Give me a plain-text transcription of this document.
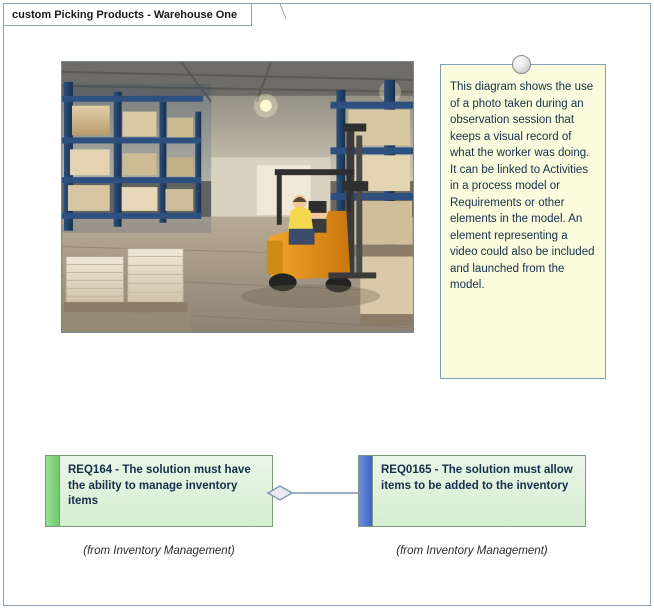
custom Picking Products - Warehouse One
This diagram shows the use of a photo taken during an observation session that keeps a visual record of what the worker was doing. It can be linked to Activities in a process model or Requirements or other elements in the model. An element representing a video could also be included and launched from the model.
REQ164 - The solution must have the ability to manage inventory items
(from Inventory Management)
REQ0165 - The solution must allow items to be added to the inventory
(from Inventory Management)
